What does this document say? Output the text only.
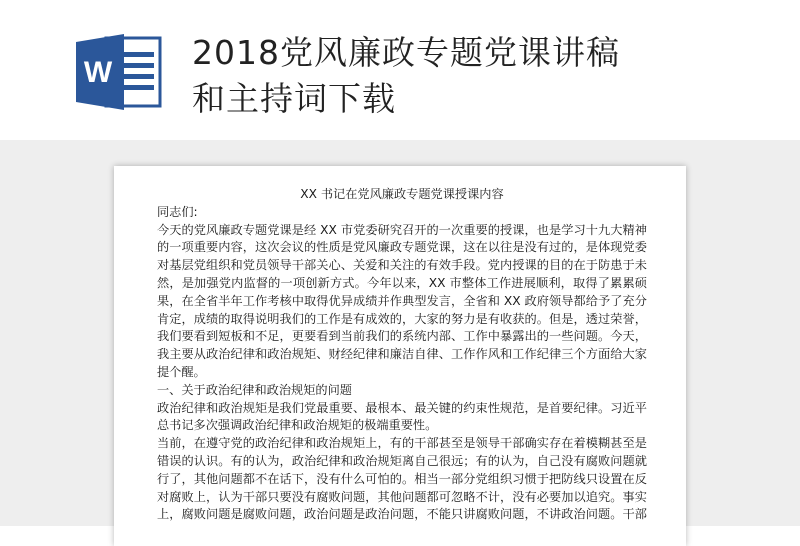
W
2018党风廉政专题党课讲稿
和主持词下载
XX 书记在党风廉政专题党课授课内容
同志们:
今天的党风廉政专题党课是经 XX 市党委研究召开的一次重要的授课，也是学习十九大精神
的一项重要内容，这次会议的性质是党风廉政专题党课，这在以往是没有过的，是体现党委
对基层党组织和党员领导干部关心、关爱和关注的有效手段。党内授课的目的在于防患于未
然，是加强党内监督的一项创新方式。今年以来，XX 市整体工作进展顺利，取得了累累硕
果，在全省半年工作考核中取得优异成绩并作典型发言，全省和 XX 政府领导都给予了充分
肯定，成绩的取得说明我们的工作是有成效的，大家的努力是有收获的。但是，透过荣誉，
我们要看到短板和不足，更要看到当前我们的系统内部、工作中暴露出的一些问题。今天，
我主要从政治纪律和政治规矩、财经纪律和廉洁自律、工作作风和工作纪律三个方面给大家
提个醒。
一、关于政治纪律和政治规矩的问题
政治纪律和政治规矩是我们党最重要、最根本、最关键的约束性规范，是首要纪律。习近平
总书记多次强调政治纪律和政治规矩的极端重要性。
当前，在遵守党的政治纪律和政治规矩上，有的干部甚至是领导干部确实存在着模糊甚至是
错误的认识。有的认为，政治纪律和政治规矩离自己很远；有的认为，自己没有腐败问题就
行了，其他问题都不在话下，没有什么可怕的。相当一部分党组织习惯于把防线只设置在反
对腐败上，认为干部只要没有腐败问题，其他问题都可忽略不计，没有必要加以追究。事实
上，腐败问题是腐败问题，政治问题是政治问题，不能只讲腐败问题，不讲政治问题。干部
